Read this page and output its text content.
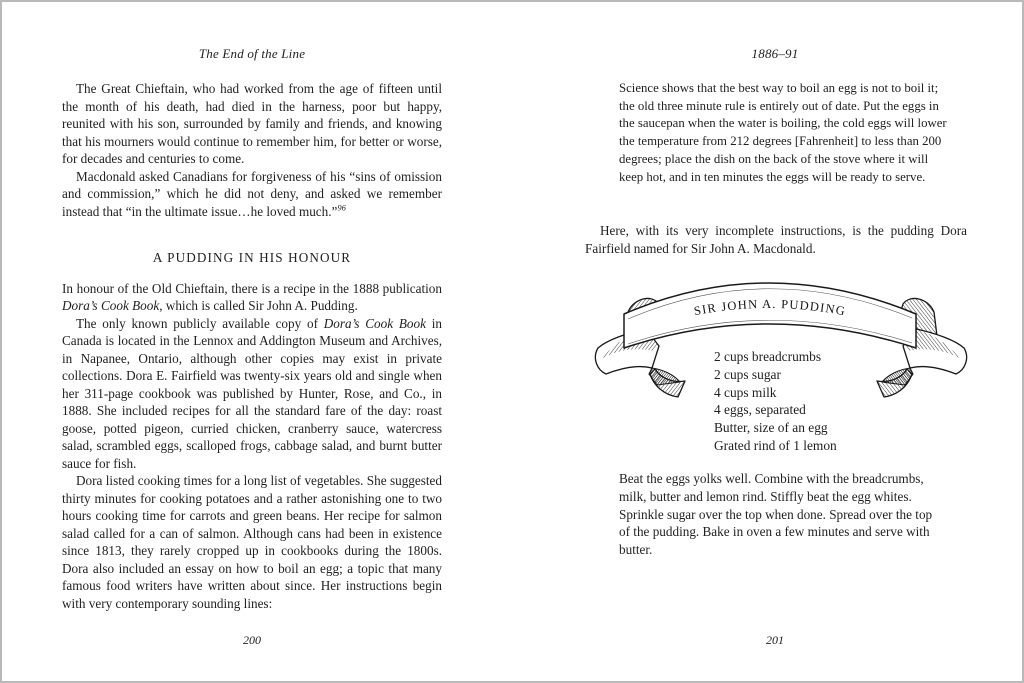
The End of the Line

The Great Chieftain, who had worked from the age of fifteen until the month of his death, had died in the harness, poor but happy, reunited with his son, surrounded by family and friends, and knowing that his mourners would continue to remember him, for better or worse, for decades and centuries to come.

Macdonald asked Canadians for forgiveness of his “sins of omission and commission,” which he did not deny, and asked we remember instead that “in the ultimate issue…he loved much.”$^{96}$

A PUDDING IN HIS HONOUR

In honour of the Old Chieftain, there is a recipe in the 1888 publication Dora’s Cook Book, which is called Sir John A. Pudding.

The only known publicly available copy of Dora’s Cook Book in Canada is located in the Lennox and Addington Museum and Archives, in Napanee, Ontario, although other copies may exist in private collections. Dora E. Fairfield was twenty-six years old and single when her 311-page cookbook was published by Hunter, Rose, and Co., in 1888. She included recipes for all the standard fare of the day: roast goose, potted pigeon, curried chicken, cranberry sauce, watercress salad, scrambled eggs, scalloped frogs, cabbage salad, and burnt butter sauce for fish.

Dora listed cooking times for a long list of vegetables. She suggested thirty minutes for cooking potatoes and a rather astonishing one to two hours cooking time for carrots and green beans. Her recipe for salmon salad called for a can of salmon. Although cans had been in existence since 1813, they rarely cropped up in cookbooks during the 1800s. Dora also included an essay on how to boil an egg; a topic that many famous food writers have written about since. Her instructions begin with very contemporary sounding lines:

200
1886–91
Science shows that the best way to boil an egg is not to boil it; the old three minute rule is entirely out of date. Put the eggs in the saucepan when the water is boiling, the cold eggs will lower the temperature from 212 degrees [Fahrenheit] to less than 200 degrees; place the dish on the back of the stove where it will keep hot, and in ten minutes the eggs will be ready to serve.

Here, with its very incomplete instructions, is the pudding Dora Fairfield named for Sir John A. Macdonald.

SIR JOHN A. PUDDING
2 cups breadcrumbs
2 cups sugar
4 cups milk
4 eggs, separated
Butter, size of an egg
Grated rind of 1 lemon
Beat the eggs yolks well. Combine with the breadcrumbs, milk, butter and lemon rind. Stiffly beat the egg whites. Sprinkle sugar over the top when done. Spread over the top of the pudding. Bake in oven a few minutes and serve with butter.
201
